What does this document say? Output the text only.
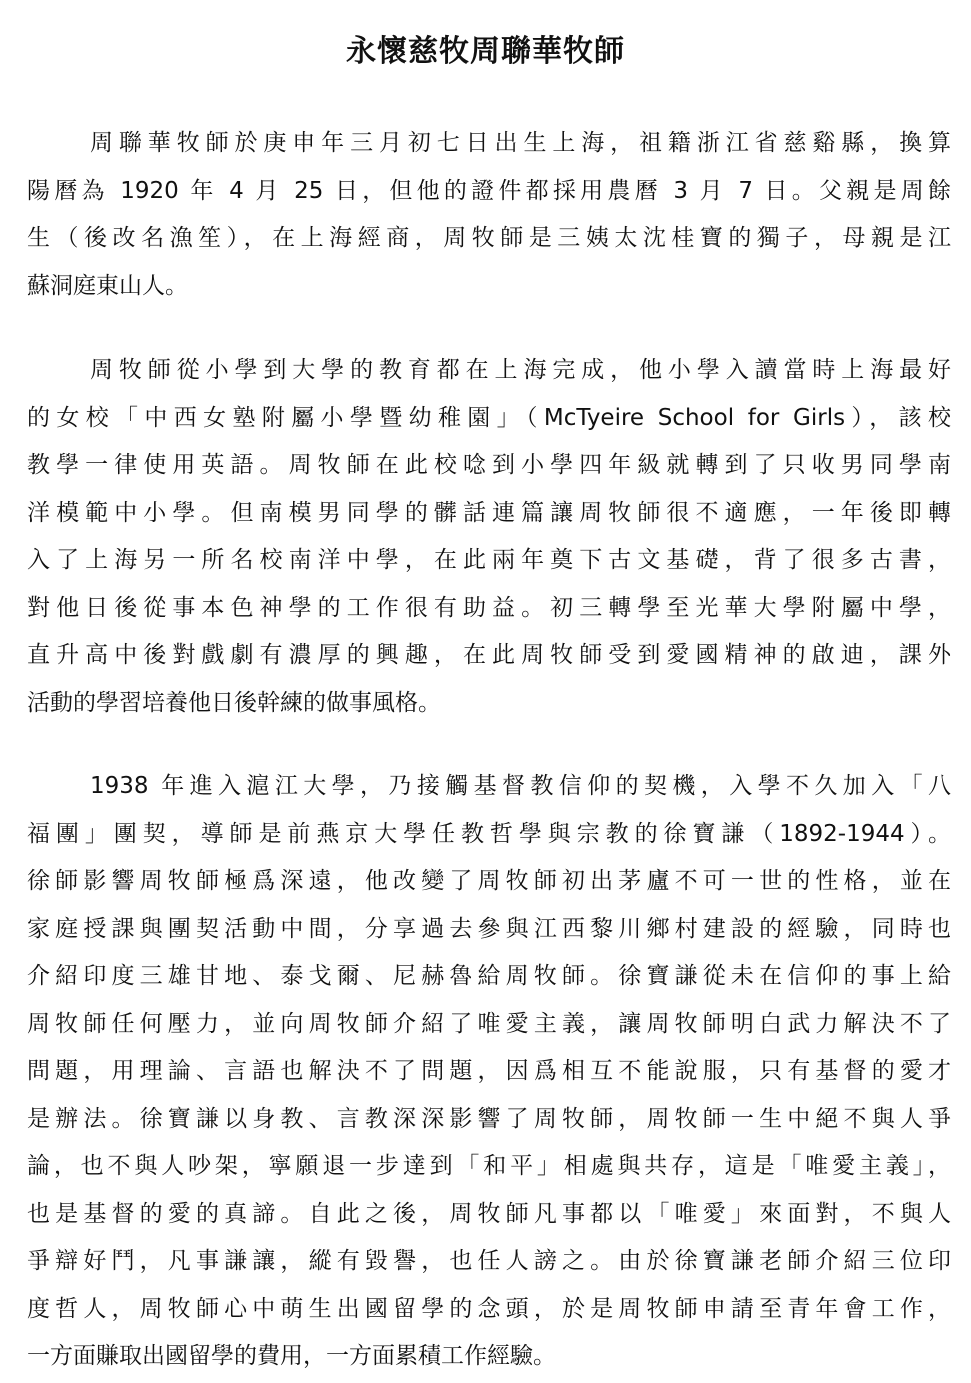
永懷慈牧周聯華牧師
周聯華牧師於庚申年三月初七日出生上海，祖籍浙江省慈谿縣，換算
陽曆為 1920 年 4 月 25 日，但他的證件都採用農曆 3 月 7 日。父親是周餘
生（後改名漁笙），在上海經商，周牧師是三姨太沈桂寶的獨子，母親是江
蘇洞庭東山人。
周牧師從小學到大學的教育都在上海完成，他小學入讀當時上海最好
的女校「中西女塾附屬小學暨幼稚園」（McTyeire School for Girls），該校
教學一律使用英語。周牧師在此校唸到小學四年級就轉到了只收男同學南
洋模範中小學。但南模男同學的髒話連篇讓周牧師很不適應，一年後即轉
入了上海另一所名校南洋中學，在此兩年奠下古文基礎，背了很多古書，
對他日後從事本色神學的工作很有助益。初三轉學至光華大學附屬中學，
直升高中後對戲劇有濃厚的興趣，在此周牧師受到愛國精神的啟迪，課外
活動的學習培養他日後幹練的做事風格。
1938 年進入滬江大學，乃接觸基督教信仰的契機，入學不久加入「八
福團」團契，導師是前燕京大學任教哲學與宗教的徐寶謙（1892-1944）。
徐師影響周牧師極爲深遠，他改變了周牧師初出茅廬不可一世的性格，並在
家庭授課與團契活動中間，分享過去參與江西黎川鄉村建設的經驗，同時也
介紹印度三雄甘地、泰戈爾、尼赫魯給周牧師。徐寶謙從未在信仰的事上給
周牧師任何壓力，並向周牧師介紹了唯愛主義，讓周牧師明白武力解決不了
問題，用理論、言語也解決不了問題，因爲相互不能說服，只有基督的愛才
是辦法。徐寶謙以身教、言教深深影響了周牧師，周牧師一生中絕不與人爭
論，也不與人吵架，寧願退一步達到「和平」相處與共存，這是「唯愛主義」，
也是基督的愛的真諦。自此之後，周牧師凡事都以「唯愛」來面對，不與人
爭辯好鬥，凡事謙讓，縱有毀譽，也任人謗之。由於徐寶謙老師介紹三位印
度哲人，周牧師心中萌生出國留學的念頭，於是周牧師申請至青年會工作，
一方面賺取出國留學的費用，一方面累積工作經驗。
